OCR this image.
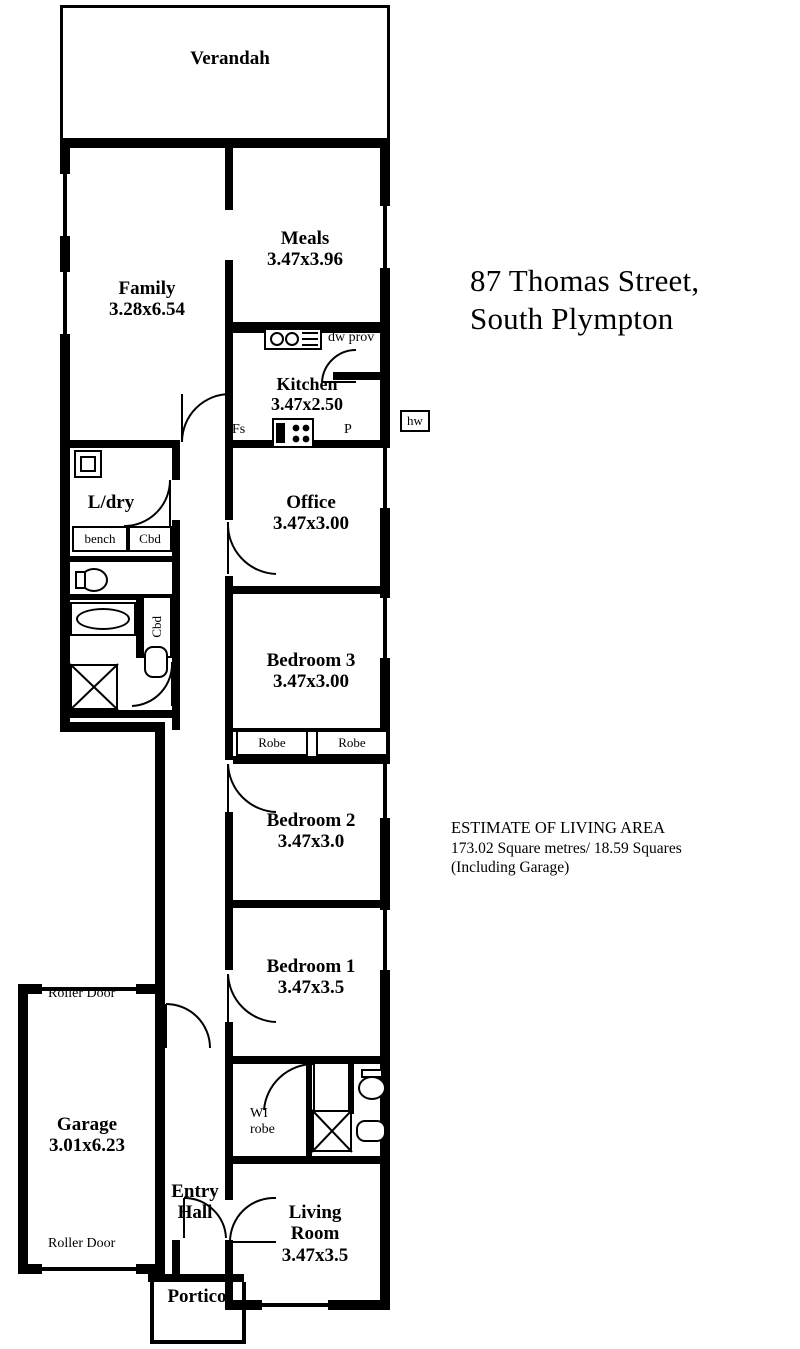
87 Thomas Street,
South Plympton
ESTIMATE OF LIVING AREA
173.02 Square metres/ 18.59 Squares
(Including Garage)
Robe	Robe
WI
robe
dw prov
Fs	P
hw
bench Cbd
Cbd
Roller Door
Roller Door
Verandah
Meals
3.47x3.96
Family
3.28x6.54
Kitchen
3.47x2.50
Office
3.47x3.00
Bedroom 3
3.47x3.00
Bedroom 2
3.47x3.0
Bedroom 1
3.47x3.5
Living
Room
3.47x3.5
Garage
3.01x6.23
L/dry
Entry
Hall
Portico
